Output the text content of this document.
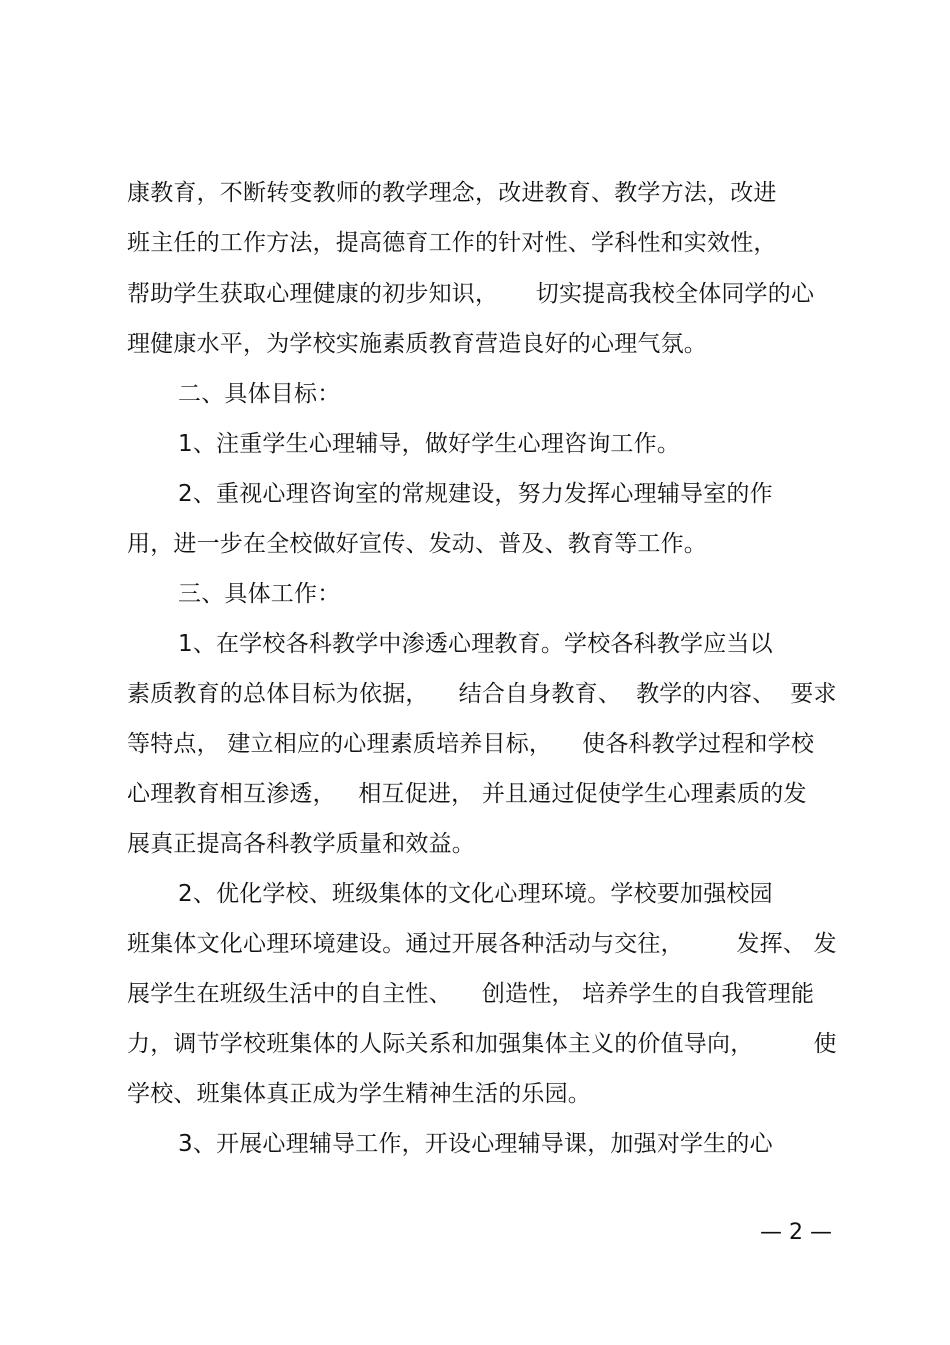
康教育，不断转变教师的教学理念，改进教育、教学方法，改进
班主任的工作方法，提高德育工作的针对性、学科性和实效性，
帮助学生获取心理健康的初步知识，     切实提高我校全体同学的心
理健康水平，为学校实施素质教育营造良好的心理气氛。
二、具体目标：
1、注重学生心理辅导，做好学生心理咨询工作。
2、重视心理咨询室的常规建设，努力发挥心理辅导室的作
用，进一步在全校做好宣传、发动、普及、教育等工作。
三、具体工作：
1、在学校各科教学中渗透心理教育。学校各科教学应当以
素质教育的总体目标为依据，    结合自身教育、  教学的内容、  要求
等特点， 建立相应的心理素质培养目标，    使各科教学过程和学校
心理教育相互渗透，   相互促进， 并且通过促使学生心理素质的发
展真正提高各科教学质量和效益。
2、优化学校、班级集体的文化心理环境。学校要加强校园
班集体文化心理环境建设。通过开展各种活动与交往，       发挥、 发
展学生在班级生活中的自主性、    创造性， 培养学生的自我管理能
力，调节学校班集体的人际关系和加强集体主义的价值导向，        使
学校、班集体真正成为学生精神生活的乐园。
3、开展心理辅导工作，开设心理辅导课，加强对学生的心
— 2 —
